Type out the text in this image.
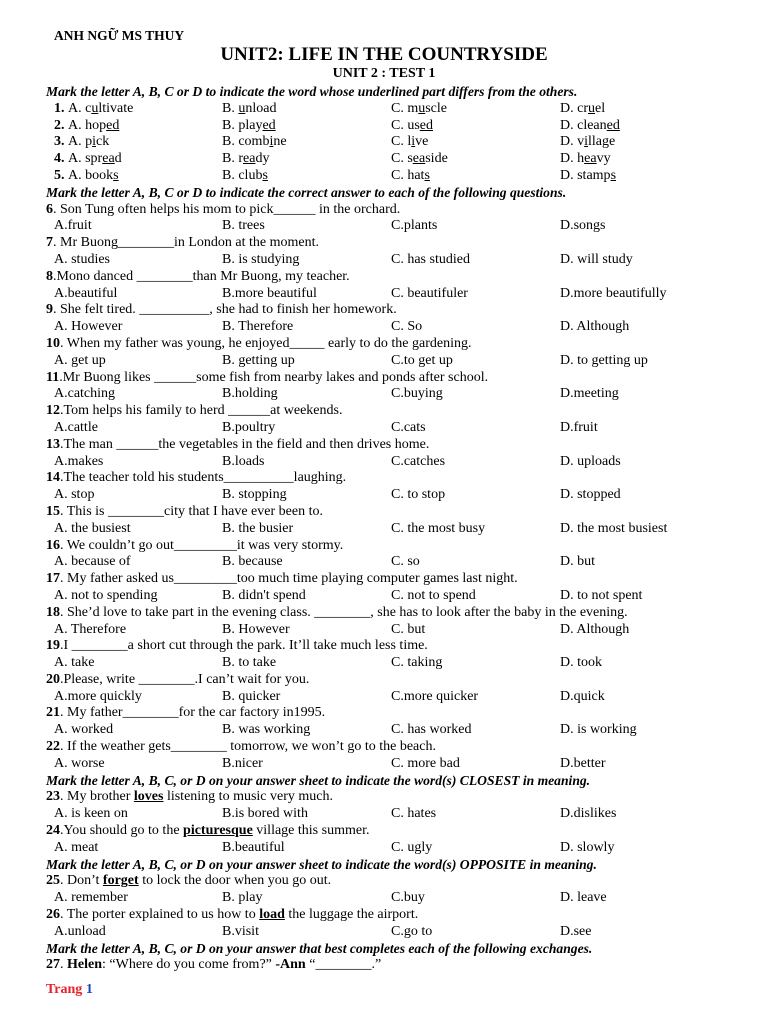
ANH NGỮ MS THUY
UNIT2: LIFE IN THE COUNTRYSIDE
UNIT 2 : TEST 1
Mark the letter A, B, C or D to indicate the word whose underlined part differs from the others.
1. A. cultivate	B. unload	C. muscle	D. cruel
2. A. hoped	B. played	C. used	D. cleaned
3. A. pick	B. combine	C. live	D. village
4. A. spread	B. ready	C. seaside	D. heavy
5. A. books	B. clubs	C. hats	D. stamps
Mark the letter A, B, C or D to indicate the correct answer to each of the following questions.
6. Son Tung often helps his mom to pick______ in the orchard.
A.fruit	B. trees	C.plants	D.songs
7. Mr Buong________in London at the moment.
A. studies	B. is studying	C. has studied	D. will study
8.Mono danced ________than Mr Buong, my teacher.
A.beautiful	B.more beautiful	C. beautifuler	D.more beautifully
9. She felt tired. __________, she had to finish her homework.
A. However	B. Therefore	C. So	D. Although
10. When my father was young, he enjoyed_____ early to do the gardening.
A. get up	B. getting up	C.to get up	D. to getting up
11.Mr Buong likes ______some fish from nearby lakes and ponds after school.
A.catching	B.holding	C.buying	D.meeting
12.Tom helps his family to herd ______at weekends.
A.cattle	B.poultry	C.cats	D.fruit
13.The man ______the vegetables in the field and then drives home.
A.makes	B.loads	C.catches	D. uploads
14.The teacher told his students__________laughing.
A. stop	B. stopping	C. to stop	D. stopped
15. This is ________city that I have ever been to.
A. the busiest	B. the busier	C. the most busy	D. the most busiest
16. We couldn’t go out_________it was very stormy.
A. because of	B. because	C. so	D. but
17. My father asked us_________too much time playing computer games last night.
A. not to spending	B. didn't spend	C. not to spend	D. to not spent
18. She’d love to take part in the evening class. ________, she has to look after the baby in the evening.
A. Therefore	B. However	C. but	D. Although
19.I ________a short cut through the park. It’ll take much less time.
A. take	B. to take	C. taking	D. took
20.Please, write ________.I can’t wait for you.
A.more quickly	B. quicker	C.more quicker	D.quick
21. My father________for the car factory in1995.
A. worked	B. was working	C. has worked	D. is working
22. If the weather gets________ tomorrow, we won’t go to the beach.
A. worse	B.nicer	C. more bad	D.better
Mark the letter A, B, C, or D on your answer sheet to indicate the word(s) CLOSEST in meaning.
23. My brother loves listening to music very much.
A. is keen on	B.is bored with	C. hates	D.dislikes
24.You should go to the picturesque village this summer.
A. meat	B.beautiful	C. ugly	D. slowly
Mark the letter A, B, C, or D on your answer sheet to indicate the word(s) OPPOSITE in meaning.
25. Don’t forget to lock the door when you go out.
A. remember	B. play	C.buy	D. leave
26. The porter explained to us how to load the luggage the airport.
A.unload	B.visit	C.go to	D.see
Mark the letter A, B, C, or D on your answer that best completes each of the following exchanges.
27. Helen: “Where do you come from?” -Ann “________.”
Trang 1
